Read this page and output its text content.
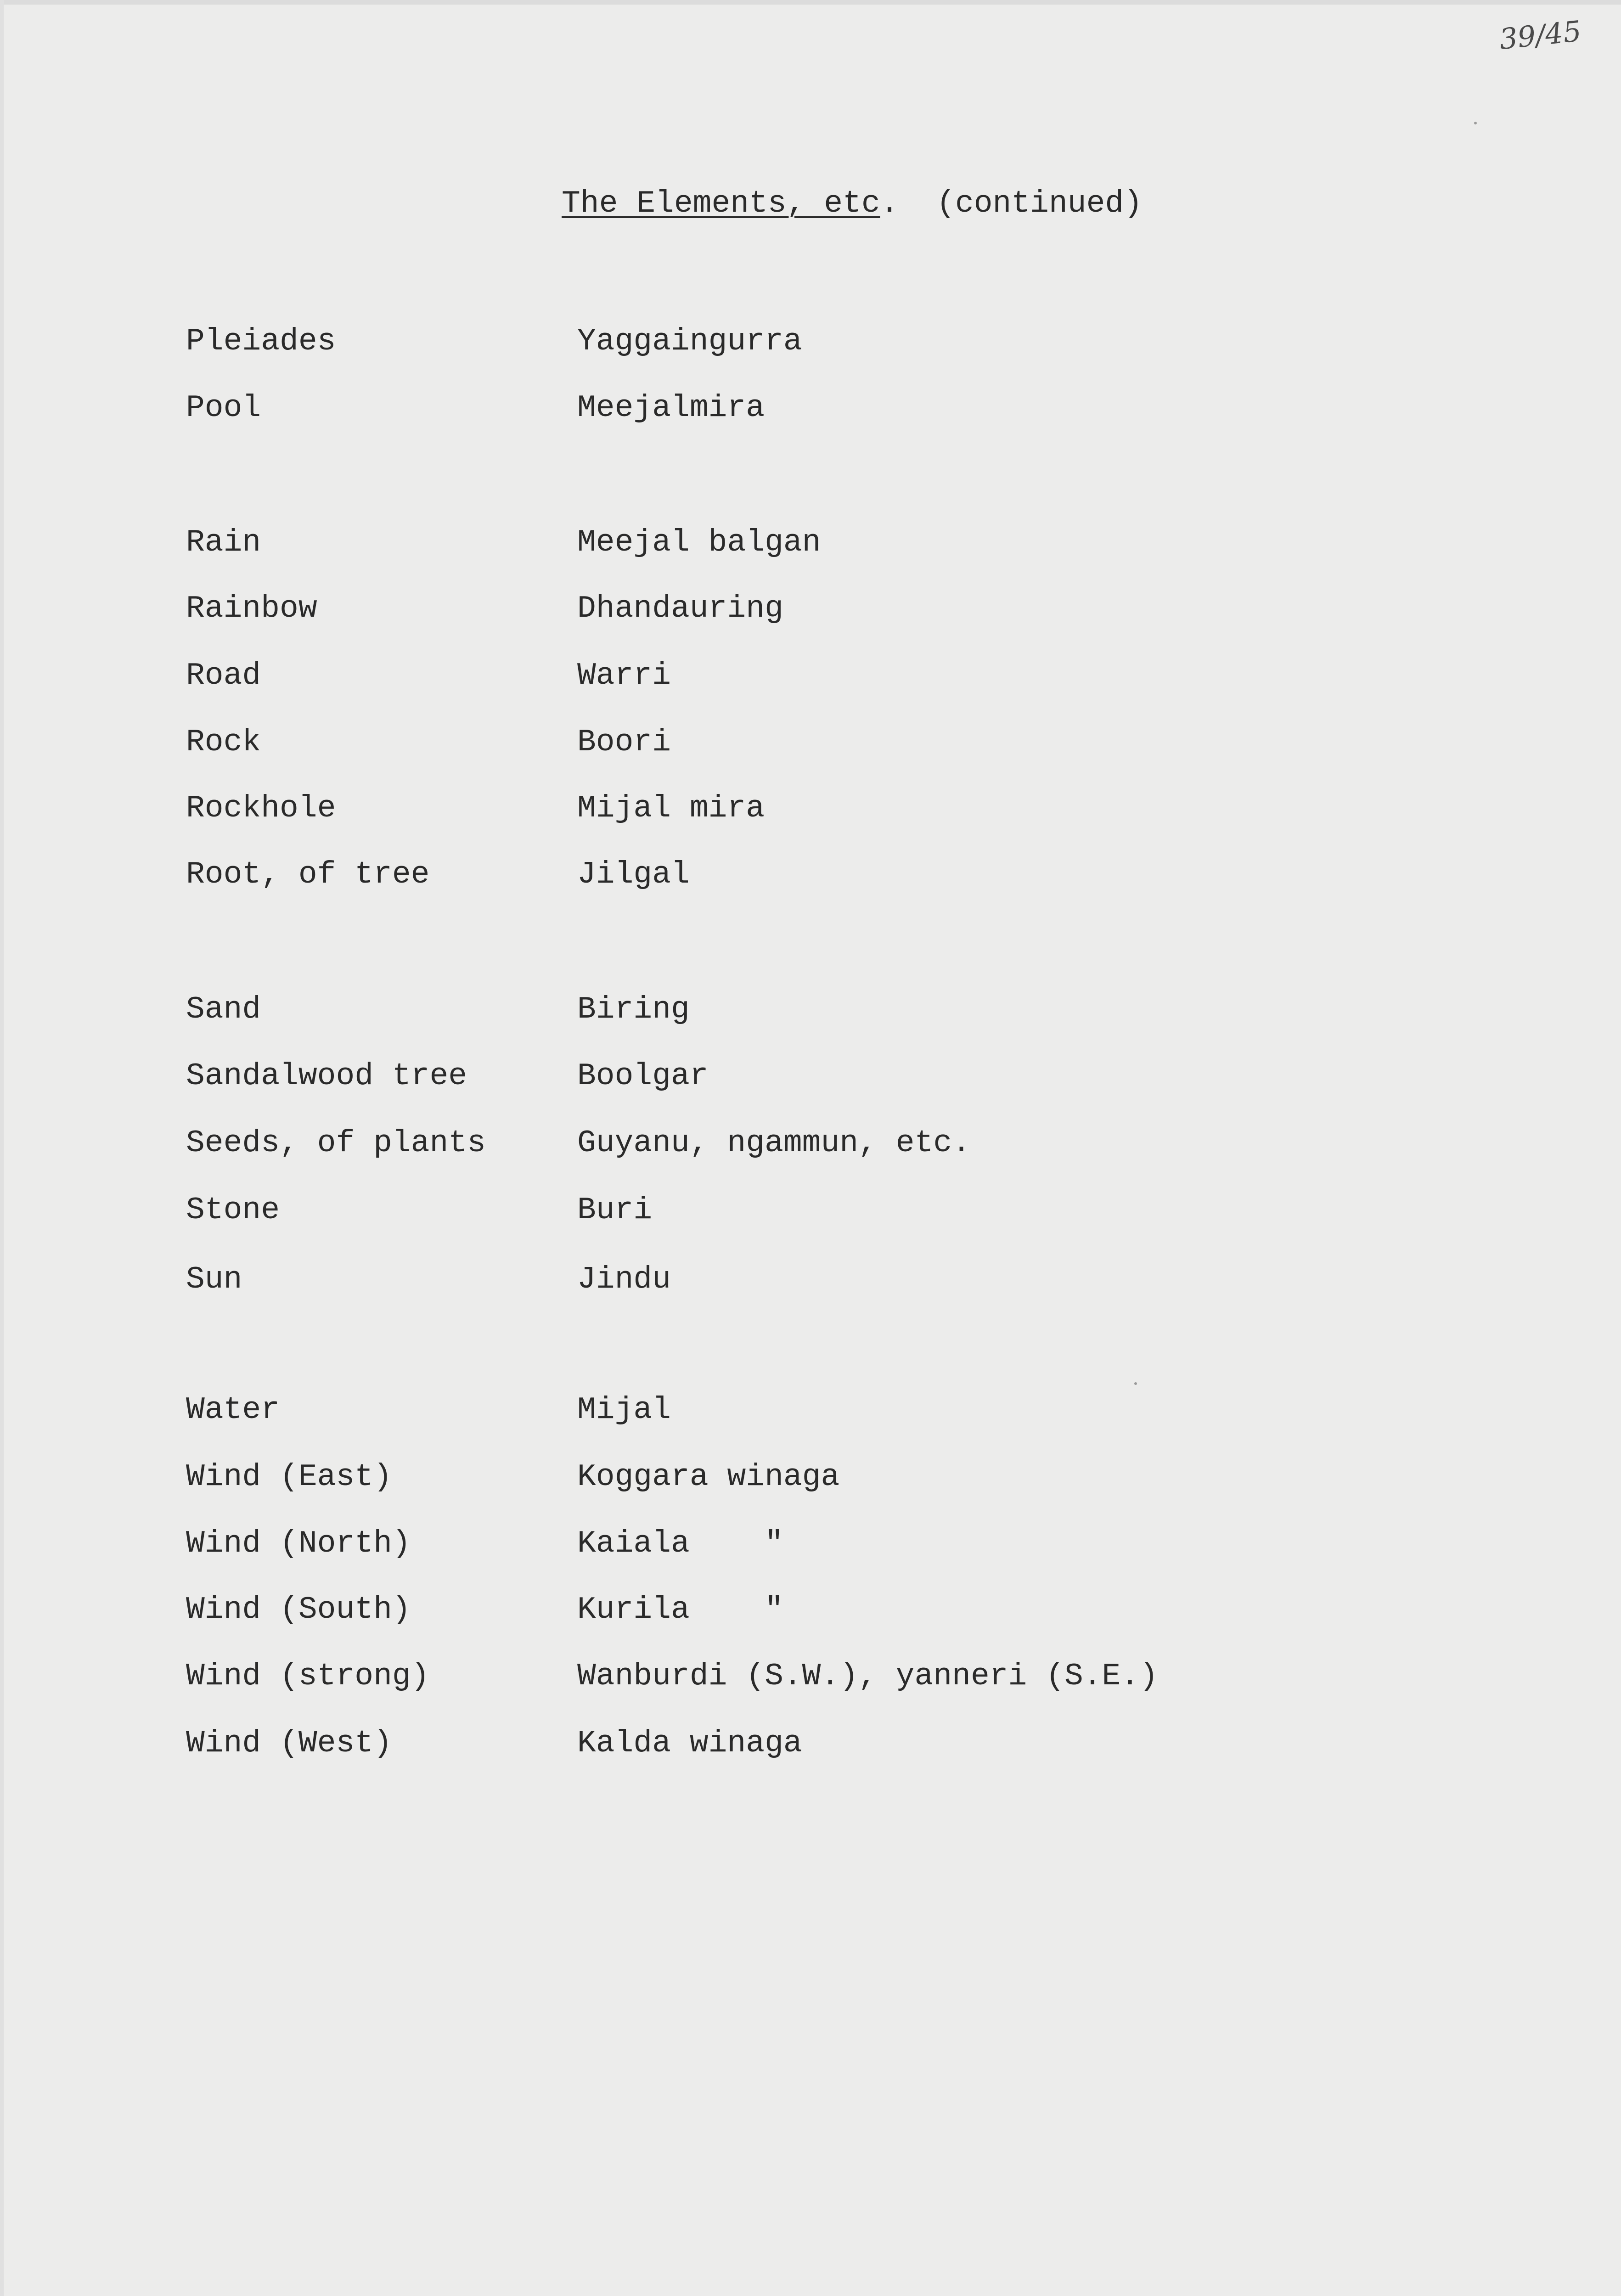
39/45
The Elements, etc.  (continued)
Pleiades	Yaggaingurra
Pool	Meejalmira
Rain	Meejal balgan
Rainbow	Dhandauring
Road	Warri
Rock	Boori
Rockhole	Mijal mira
Root, of tree	Jilgal
Sand	Biring
Sandalwood tree	Boolgar
Seeds, of plants	Guyanu, ngammun, etc.
Stone	Buri
Sun	Jindu
Water	Mijal
Wind (East)	Koggara winaga
Wind (North)	Kaiala    "
Wind (South)	Kurila    "
Wind (strong)	Wanburdi (S.W.), yanneri (S.E.)
Wind (West)	Kalda winaga
